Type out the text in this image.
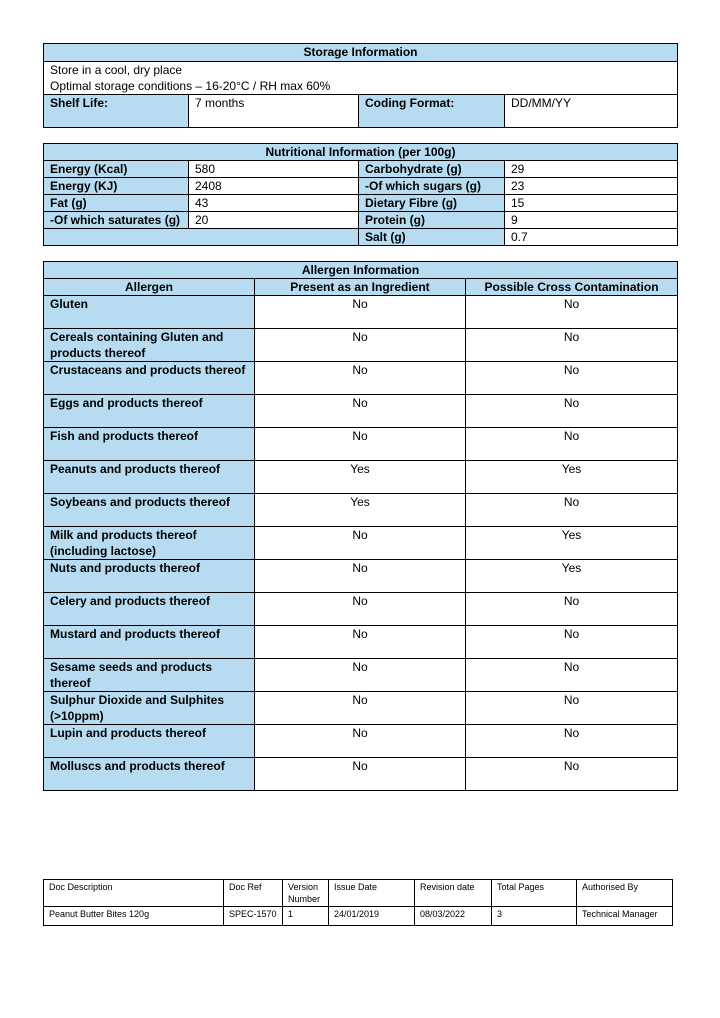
Storage Information

Store in a cool, dry place
Optimal storage conditions – 16-20°C / RH max 60%

Shelf Life:	7 months	Coding Format:	DD/MM/YY
Nutritional Information (per 100g)			
Energy (Kcal)	580	Carbohydrate (g)	29
Energy (KJ)	2408	-Of which sugars (g)	23
Fat (g)	43	Dietary Fibre (g)	15
-Of which saturates (g)	20	Protein (g)	9
		Salt (g)	0.7
Allergen Information		
Allergen	Present as an Ingredient	Possible Cross Contamination
Gluten	No	No
Cereals containing Gluten and products thereof	No	No
Crustaceans and products thereof	No	No
Eggs and products thereof	No	No
Fish and products thereof	No	No
Peanuts and products thereof	Yes	Yes
Soybeans and products thereof	Yes	No
Milk and products thereof (including lactose)	No	Yes
Nuts and products thereof	No	Yes
Celery and products thereof	No	No
Mustard and products thereof	No	No
Sesame seeds and products thereof	No	No
Sulphur Dioxide and Sulphites (>10ppm)	No	No
Lupin and products thereof	No	No
Molluscs and products thereof	No	No
Doc Description	Doc Ref	Version Number	Issue Date	Revision date	Total Pages	Authorised By
Peanut Butter Bites 120g	SPEC-1570	1	24/01/2019	08/03/2022	3	Technical Manager
